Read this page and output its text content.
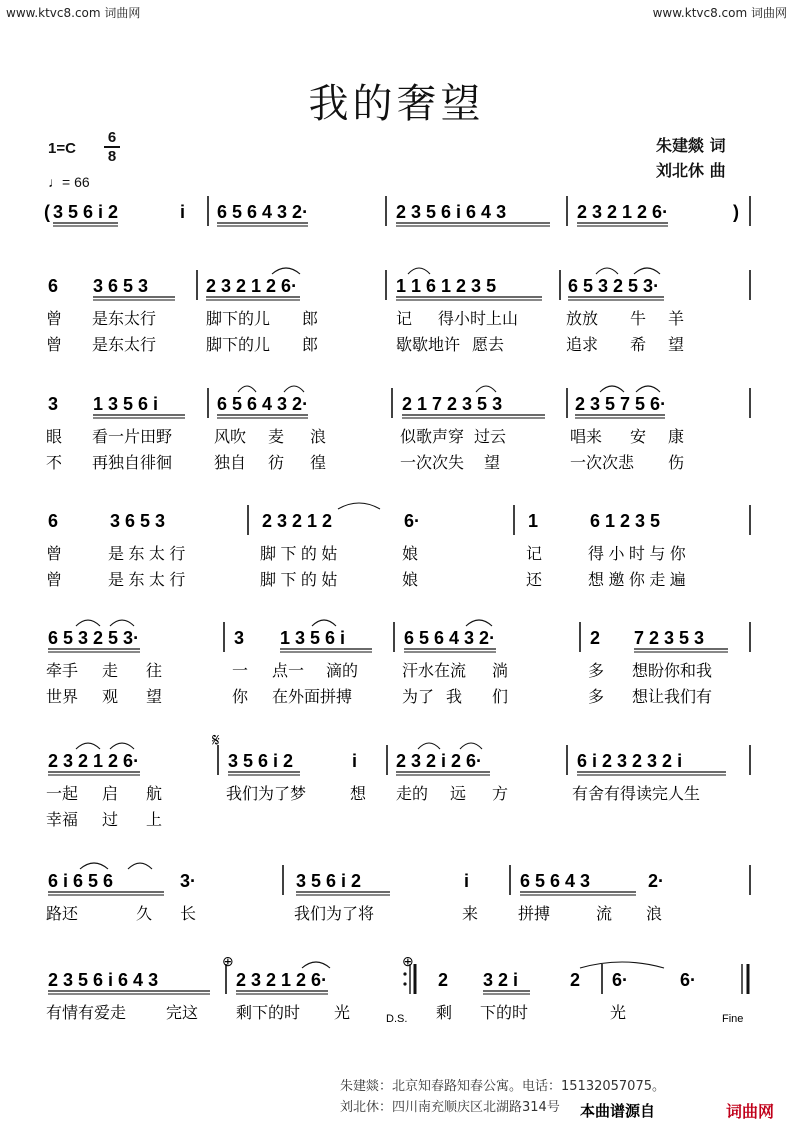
www.ktvc8.com 词曲网	www.ktvc8.com 词曲网
我的奢望
1=C
6
8
♩= 66
朱建燚 词
刘北休 曲
( 3 5 6 i 2	i 6 5 6 4 3 2·	2 3 5 6 i 6 4 3	2 3 2 1 2 6·	)
6 3 6 5 3	2 3 2 1 2 6·	1 1 6 1 2 3 5	6 5 3 2 5 3·
曾 是东太行	脚下的儿 郎	记 得小时上山	放放 牛 羊
曾 是东太行	脚下的儿 郎	歇歇地许 愿去	追求 希 望
3 1 3 5 6 i	6 5 6 4 3 2·	2 1 7 2 3 5 3	2 3 5 7 5 6·
眼 看一片田野	风吹 麦 浪	似歌声穿 过云	唱来 安 康
不 再独自徘徊	独自 彷 徨	一次次失 望	一次次悲 伤
6	3 6 5 3	2 3 2 1 2	6·	1	6 1 2 3 5
曾	是 东 太 行	脚 下 的 姑	娘	记	得 小 时 与 你
曾	是 东 太 行	脚 下 的 姑	娘	还	想 邀 你 走 遍
6 5 3 2 5 3·	3 1 3 5 6 i	6 5 6 4 3 2·	2 7 2 3 5 3
牵手 走 往	一 点一 滴的	汗水在流 淌	多 想盼你和我
世界 观 望	你 在外面拼搏	为了 我 们	多 想让我们有
2 3 2 1 2 6·	3 5 6 i 2	i 2 3 2 i 2 6·	6 i 2 3 2 3 2 i
一起 启 航	我们为了梦	想 走的 远 方	有舍有得读完人生
幸福 过 上
6 i 6 5 6	3·	3 5 6 i 2	i	6 5 6 4 3	2·
路还	久 长	我们为了将	来 拼搏	流 浪
2 3 5 6 i 6 4 3	2 3 2 1 2 6·	2 3 2 i	2 6·	6·
有情有爱走 完这 剩下的时 光	剩 下的时	光
𝄋
⊕	⊕
D.S.	Fine
朱建燚：北京知春路知春公寓。电话：15132057075。
刘北休：四川南充顺庆区北湖路314号 本曲谱源自	词曲网
